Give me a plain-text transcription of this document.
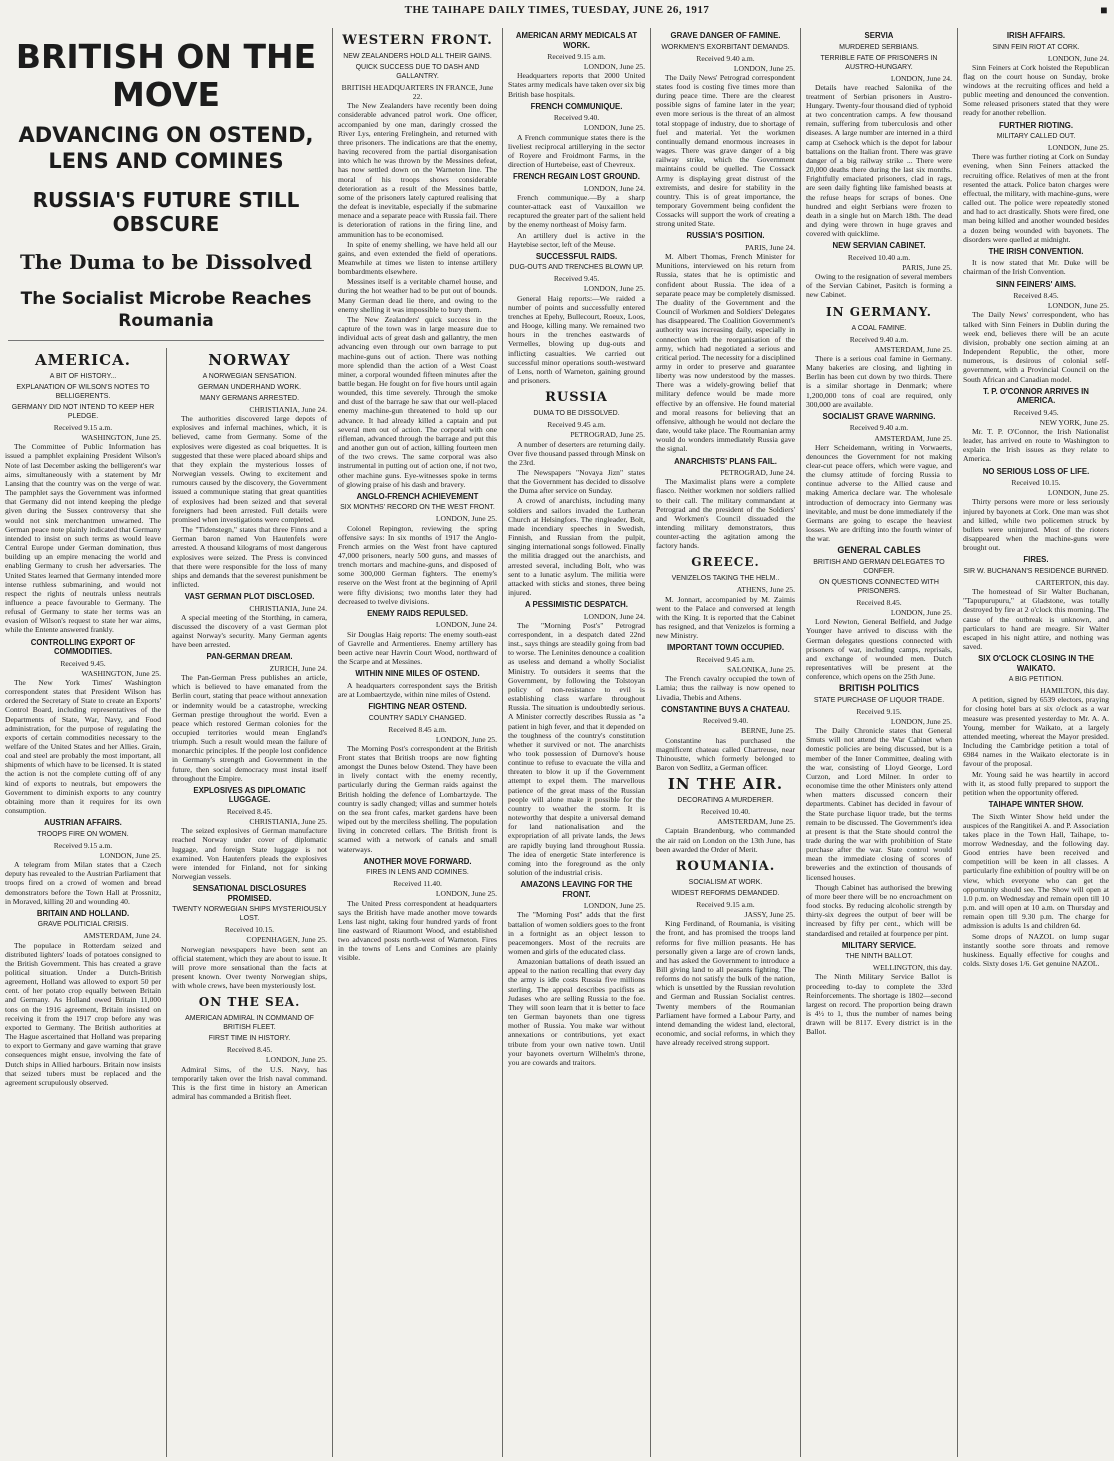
THE TAIHAPE DAILY TIMES, TUESDAY, JUNE 26, 1917	■
BRITISH ON THE MOVE
ADVANCING ON OSTEND, LENS AND COMINES
RUSSIA'S FUTURE STILL OBSCURE
The Duma to be Dissolved
The Socialist Microbe Reaches Roumania
AMERICA.
A BIT OF HISTORY...
EXPLANATION OF WILSON'S NOTES TO BELLIGERENTS.
GERMANY DID NOT INTEND TO KEEP HER PLEDGE.
Received 9.15 a.m.

WASHINGTON, June 25.

The Committee of Public Information has issued a pamphlet explaining President Wilson's Note of last December asking the belligerent's war aims, simultaneously with a statement by Mr Lansing that the country was on the verge of war. The pamphlet says the Government was informed that Germany did not intend keeping the pledge given during the Sussex controversy that she would not sink merchantmen unwarned. The German peace note plainly indicated that Germany intended to insist on such terms as would leave Central Europe under German domination, thus building up an empire menacing the world and enabling Germany to crush her adversaries. The United States learned that Germany intended more intense ruthless submarining, and would not respect the rights of neutrals unless neutrals influence a peace favourable to Germany. The refusal of Germany to state her terms was an evasion of Wilson's request to state her war aims, while the Entente answered frankly.

CONTROLLING EXPORT OF COMMODITIES.
Received 9.45.

WASHINGTON, June 25.

The New York Times' Washington correspondent states that President Wilson has ordered the Secretary of State to create an Exports' Control Board, including representatives of the Departments of State, War, Navy, and Food administration, for the purpose of regulating the exports of certain commodities necessary to the welfare of the United States and her Allies. Grain, coal and steel are probably the most important, all shipments of which have to be licensed. It is stated the action is not the complete cutting off of any kind of exports to neutrals, but empowers the Government to diminish exports to any country obtaining more than it requires for its own consumption.

AUSTRIAN AFFAIRS.
TROOPS FIRE ON WOMEN.
Received 9.15 a.m.

LONDON, June 25.

A telegram from Milan states that a Czech deputy has revealed to the Austrian Parliament that troops fired on a crowd of women and bread demonstrators before the Town Hall at Prossnitz, in Moraved, killing 20 and wounding 40.

BRITAIN AND HOLLAND.
GRAVE POLITICIAL CRISIS.

AMSTERDAM, June 24.

The populace in Rotterdam seized and distributed lighters' loads of potatoes consigned to the British Government. This has created a grave political situation. Under a Dutch-British agreement, Holland was allowed to export 50 per cent. of her potato crop equally between Britain and Germany. As Holland owed Britain 11,000 tons on the 1916 agreement, Britain insisted on receiving it from the 1917 crop before any was exported to Germany. The British authorities at The Hague ascertained that Holland was preparing to export to Germany and gave warning that grave consequences might ensue, involving the fate of Dutch ships in Allied harbours. Britain now insists that seized tubers must be replaced and the agreement scrupulously observed.

NORWAY
A NORWEGIAN SENSATION.
GERMAN UNDERHAND WORK.
MANY GERMANS ARRESTED.

CHRISTIANIA, June 24.

The authorities discovered large depots of explosives and infernal machines, which, it is believed, came from Germany. Some of the explosives were digested as coal briquettes. It is suggested that these were placed aboard ships and that they explain the mysterious losses of Norwegian vessels. Owing to excitement and rumours caused by the discovery, the Government issued a communique stating that great quantities of explosives had been seized and that several foreigners had been arrested. Full details were promised when investigations were completed.

The "Tidenstegn," states that three Finns and a German baron named Von Hautenfels were arrested. A thousand kilograms of most dangerous explosives were seized. The Press is convinced that there were responsible for the loss of many ships and demands that the severest punishment be inflicted.

VAST GERMAN PLOT DISCLOSED.

CHRISTIANIA, June 24.

A special meeting of the Storthing, in camera, discussed the discovery of a vast German plot against Norway's security. Many German agents have been arrested.

PAN-GERMAN DREAM.

ZURICH, June 24.

The Pan-German Press publishes an article, which is believed to have emanated from the Berlin court, stating that peace without annexation or indemnity would be a catastrophe, wrecking German prestige throughout the world. Even a peace which restored German colonies for the occupied territories would mean England's triumph. Such a result would mean the failure of monarchic principles. If the people lost confidence in Germany's strength and Government in the future, then social democracy must instal itself throughout the Empire.

EXPLOSIVES AS DIPLOMATIC LUGGAGE.
Received 8.45.

CHRISTIANIA, June 25.

The seized explosives of German manufacture reached Norway under cover of diplomatic luggage, and foreign State luggage is not examined. Von Hautenfers pleads the explosives were intended for Finland, not for sinking Norwegian vessels.

SENSATIONAL DISCLOSURES PROMISED.
TWENTY NORWEGIAN SHIPS MYSTERIOUSLY LOST.
Received 10.15.

COPENHAGEN, June 25.

Norwegian newspapers have been sent an official statement, which they are about to issue. It will prove more sensational than the facts at present known. Over twenty Norwegian ships, with whole crews, have been mysteriously lost.

ON THE SEA.
AMERICAN ADMIRAL IN COMMAND OF BRITISH FLEET.
FIRST TIME IN HISTORY.
Received 8.45.

LONDON, June 25.

Admiral Sims, of the U.S. Navy, has temporarily taken over the Irish naval command. This is the first time in history an American admiral has commanded a British fleet.

WESTERN FRONT.
NEW ZEALANDERS HOLD ALL THEIR GAINS.
QUICK SUCCESS DUE TO DASH AND GALLANTRY.

BRITISH HEADQUARTERS IN FRANCE, June 22.

The New Zealanders have recently been doing considerable advanced patrol work. One officer, accompanied by one man, daringly crossed the River Lys, entering Frelinghein, and returned with three prisoners. The indications are that the enemy, having recovered from the partial disorganisation into which he was thrown by the Messines defeat, has now settled down on the Warneton line. The moral of his troops shows considerable deterioration as a result of the Messines battle, some of the prisoners lately captured realising that the defeat is inevitable, especially if the submarine menace and a separate peace with Russia fail. There is deterioration of rations in the firing line, and ammunition has to be economised.

In spite of enemy shelling, we have held all our gains, and even extended the field of operations. Meanwhile at times we listen to intense artillery bombardments elsewhere.

Messines itself is a veritable charnel house, and during the hot weather had to be put out of bounds. Many German dead lie there, and owing to the enemy shelling it was impossible to bury them.

The New Zealanders' quick success in the capture of the town was in large measure due to individual acts of great dash and gallantry, the men advancing even through our own barrage to put machine-guns out of action. There was nothing more splendid than the action of a West Coast miner, a corporal wounded fifteen minutes after the battle began. He fought on for five hours until again wounded, this time severely. Through the smoke and dust of the barrage he saw that our well-placed enemy machine-gun threatened to hold up our advance. It had already killed a captain and put several men out of action. The corporal with one rifleman, advanced through the barrage and put this and another gun out of action, killing fourteen men of the two crews. The same corporal was also instrumental in putting out of action one, if not two, other machine guns. Eye-witnesses spoke in terms of glowing praise of his dash and bravery.

ANGLO-FRENCH ACHIEVEMENT
SIX MONTHS' RECORD ON THE WEST FRONT.

LONDON, June 25.

Colonel Repington, reviewing the spring offensive says: In six months of 1917 the Anglo-French armies on the West front have captured 47,000 prisoners, nearly 500 guns, and masses of trench mortars and machine-guns, and disposed of some 300,000 German fighters. The enemy's reserve on the West front at the beginning of April were fifty divisions; two months later they had decreased to twelve divisions.

ENEMY RAIDS REPULSED.

LONDON, June 24.

Sir Douglas Haig reports: The enemy south-east of Gavrelle and Armentieres. Enemy artillery has been active near Havrin Court Wood, northward of the Scarpe and at Messines.

WITHIN NINE MILES OF OSTEND.

A headquarters correspondent says the British are at Lombaertzyde, within nine miles of Ostend.

FIGHTING NEAR OSTEND.
COUNTRY SADLY CHANGED.
Received 8.45 a.m.

LONDON, June 25.

The Morning Post's correspondent at the British Front states that British troops are now fighting amongst the Dunes below Ostend. They have been in lively contact with the enemy recently, particularly during the German raids against the British holding the defence of Lombartzyde. The country is sadly changed; villas and summer hotels on the sea front cafes, market gardens have been wiped out by the merciless shelling. The population living in concreted cellars. The British front is scamed with a network of canals and small waterways.

ANOTHER MOVE FORWARD.
FIRES IN LENS AND COMINES.
Received 11.40.

LONDON, June 25.

The United Press correspondent at headquarters says the British have made another move towards Lens last night, taking four hundred yards of front line eastward of Riaumont Wood, and established two advanced posts north-west of Warneton. Fires in the towns of Lens and Comines are plainly visible.

AMERICAN ARMY MEDICALS AT WORK.
Received 9.15 a.m.

LONDON, June 25.

Headquarters reports that 2000 United States army medicals have taken over six big British base hospitals.

FRENCH COMMUNIQUE.
Received 9.40.

LONDON, June 25.

A French communique states there is the liveliest reciprocal artillerying in the sector of Royere and Froidmont Farms, in the direction of Hurtebeise, east of Chevreux.

FRENCH REGAIN LOST GROUND.

LONDON, June 24.

French communique.—By a sharp counter-attack east of Vauxaillon we recaptured the greater part of the salient held by the enemy northeast of Moisy farm.

An artillery duel is active in the Haytebise sector, left of the Meuse.

SUCCESSFUL RAIDS.
DUG-OUTS AND TRENCHES BLOWN UP.
Received 9.45.

LONDON, June 25.

General Haig reports:—We raided a number of points and successfully entered trenches at Epehy, Bullecourt, Roeux, Loos, and Hooge, killing many. We remained two hours in the trenches eastwards of Vermelles, blowing up dug-outs and inflicting casualties. We carried out successful minor operations south-westward of Lens, north of Warneton, gaining ground and prisoners.

RUSSIA
DUMA TO BE DISSOLVED.
Received 9.45 a.m.

PETROGRAD, June 25.

A number of deserters are returning daily. Over five thousand passed through Minsk on the 23rd.

The Newspapers "Novaya Jizn" states that the Government has decided to dissolve the Duma after service on Sunday.

A crowd of anarchists, including many soldiers and sailors invaded the Lutheran Church at Helsingfors. The ringleader, Bolt, made incendiary speeches in Swedish, Finnish, and Russian from the pulpit, singing international songs followed. Finally the militia dragged out the anarchists, and arrested several, including Bolt, who was sent to a lunatic asylum. The militia were attacked with sticks and stones, three being injured.

A PESSIMISTIC DESPATCH.

LONDON, June 24.

The "Morning Post's" Petrograd correspondent, in a despatch dated 22nd inst., says things are steadily going from bad to worse. The Leninites denounce a coalition as useless and demand a wholly Socialist Ministry. To outsiders it seems that the Government, by following the Tolstoyan policy of non-resistance to evil is establishing class warfare throughout Russia. The situation is undoubtedly serious. A Minister correctly describes Russia as "a patient in high fever, and that it depended on the toughness of the country's constitution whether it survived or not. The anarchists who took possession of Durnove's house continue to refuse to evacuate the villa and threaten to blow it up if the Government attempt to expel them. The marvellous patience of the great mass of the Russian people will alone make it possible for the country to weather the storm. It is noteworthy that despite a universal demand for land nationalisation and the expropriation of all private lands, the Jews are rapidly buying land throughout Russia. The idea of energetic State interference is coming into the foreground as the only solution of the industrial crisis.

AMAZONS LEAVING FOR THE FRONT.

LONDON, June 25.

The "Morning Post" adds that the first battalion of women soldiers goes to the front in a fortnight as an object lesson to peacemongers. Most of the recruits are women and girls of the educated class.

Amazonian battalions of death issued an appeal to the nation recalling that every day the army is idle costs Russia five millions sterling. The appeal describes pacifists as Judases who are selling Russia to the foe. They will soon learn that it is better to face ten German bayonets than one tigress mother of Russia. You make war without annexations or contributions, yet exact tribute from your own native town. Until your bayonets overturn Wilhelm's throne, you are cowards and traitors.

GRAVE DANGER OF FAMINE.
WORKMEN'S EXORBITANT DEMANDS.
Received 9.40 a.m.

LONDON, June 25.

The Daily News' Petrograd correspondent states food is costing five times more than during peace time. There are the clearest possible signs of famine later in the year; even more serious is the threat of an almost total stoppage of industry, due to shortage of fuel and material. Yet the workmen continually demand enormous increases in wages. There was grave danger of a big railway strike, which the Government maintains could be quelled. The Cossack Army is displaying great distrust of the extremists, and desire for stability in the country. This is of great importance, the temporary Government being confident the Cossacks will support the work of creating a strong united State.

RUSSIA'S POSITION.

PARIS, June 24.

M. Albert Thomas, French Minister for Munitions, interviewed on his return from Russia, states that he is optimistic and confident about Russia. The idea of a separate peace may be completely dismissed. The duality of the Government and the Council of Workmen and Soldiers' Delegates has disappeared. The Coalition Government's authority was increasing daily, especially in connection with the reorganisation of the army, which had negotiated a serious and critical period. The necessity for a disciplined army in order to preserve and guarantee liberty was now understood by the masses. There was a widely-growing belief that military defence would be made more effective by an offensive. He found material and moral reasons for believing that an offensive, although he would not declare the date, would take place. The Roumanian army would do wonders immediately Russia gave the signal.

ANARCHISTS' PLANS FAIL.

PETROGRAD, June 24.

The Maximalist plans were a complete fiasco. Neither workmen nor soldiers rallied to their call. The military commandant at Petrograd and the president of the Soldiers' and Workmen's Council dissuaded the intending military demonstrators, thus counter-acting the agitation among the factory hands.

GREECE.
VENIZELOS TAKING THE HELM..

ATHENS, June 25.

M. Jonnart, accompanied by M. Zaimis went to the Palace and conversed at length with the King. It is reported that the Cabinet has resigned, and that Venizelos is forming a new Ministry.

IMPORTANT TOWN OCCUPIED.
Received 9.45 a.m.

SALONIKA, June 25.

The French cavalry occupied the town of Lamia; thus the railway is now opened to Livadia, Thebis and Athens.

CONSTANTINE BUYS A CHATEAU.
Received 9.40.

BERNE, June 25.

Constantine has purchased the magnificent chateau called Chartreuse, near Thinoustte, which formerly belonged to Baron von Sedlitz, a German officer.

IN THE AIR.
DECORATING A MURDERER.
Received 10.40.

AMSTERDAM, June 25.

Captain Brandenburg, who commanded the air raid on London on the 13th June, has been awarded the Order of Merit.

ROUMANIA.
SOCIALISM AT WORK.
WIDEST REFORMS DEMANDED.
Received 9.15 a.m.

JASSY, June 25.

King Ferdinand, of Roumania, is visiting the front, and has promised the troops land reforms for five million peasants. He has personally given a large are of crown lands, and has asked the Government to introduce a Bill giving land to all peasants fighting. The reforms do not satisfy the bulk of the nation, which is unsettled by the Russian revolution and German and Russian Socialist centres. Twenty members of the Roumanian Parliament have formed a Labour Party, and intend demanding the widest land, electoral, economic, and social reforms, in which they have already received strong support.

SERVIA
MURDERED SERBIANS.
TERRIBLE FATE OF PRISONERS IN AUSTRO-HUNGARY.

LONDON, June 24.

Details have reached Salonika of the treatment of Serbian prisoners in Austro-Hungary. Twenty-four thousand died of typhoid at two concentration camps. A few thousand remain, suffering from tuberculosis and other diseases. A large number are interned in a third camp at Csehock which is the depot for labour battalions on the Italian front. There was grave danger of a big railway strike ... There were 20,000 deaths there during the last six months. Frightfully emaciated prisoners, clad in rags, are seen daily fighting like famished beasts at the refuse heaps for scraps of bones. One hundred and eight Serbians were frozen to death in a single hut on March 18th. The dead and dying were thrown in huge graves and covered with quicklime.

NEW SERVIAN CABINET.
Received 10.40 a.m.

PARIS, June 25.

Owing to the resignation of several members of the Servian Cabinet, Pasitch is forming a new Cabinet.

IN GERMANY.
A COAL FAMINE.
Received 9.40 a.m.

AMSTERDAM, June 25.

There is a serious coal famine in Germany. Many bakeries are closing, and lighting in Berlin has been cut down by two thirds. There is a similar shortage in Denmark; where 1,200,000 tons of coal are required, only 300,000 are available.

SOCIALIST GRAVE WARNING.
Received 9.40 a.m.

AMSTERDAM, June 25.

Herr Scheidemann, writing in Vorwaerts, denounces the Government for not making clear-cut peace offers, which were vague, and the clumsy attitude of forcing Russia to continue adverse to the Allied cause and making America declare war. The wholesale introduction of democracy into Germany was inevitable, and must be done immediately if the Germans are going to escape the heaviest losses. We are drifting into the fourth winter of the war.

GENERAL CABLES
BRITISH AND GERMAN DELEGATES TO CONFER.
ON QUESTIONS CONNECTED WITH PRISONERS.
Received 8.45.

LONDON, June 25.

Lord Newton, General Belfield, and Judge Younger have arrived to discuss with the German delegates questions connected with prisoners of war, including camps, reprisals, and exchange of wounded men. Dutch representatives will be present at the conference, which opens on the 25th June.

BRITISH POLITICS
STATE PURCHASE OF LIQUOR TRADE.
Received 9.15.

LONDON, June 25.

The Daily Chronicle states that General Smuts will not attend the War Cabinet when domestic policies are being discussed, but is a member of the Inner Committee, dealing with the war, consisting of Lloyd George, Lord Curzon, and Lord Milner. In order to economise time the other Ministers only attend when matters discussed concern their departments. Cabinet has decided in favour of the State purchase liquor trade, but the terms remain to be discussed. The Government's idea at present is that the State should control the trade during the war with prohibition of State purchase after the war. State control would mean the immediate closing of scores of breweries and the extinction of thousands of licensed houses.

Though Cabinet has authorised the brewing of more beer there will be no encroachment on food stocks. By reducing alcoholic strength by thirty-six degrees the output of beer will be increased by fifty per cent., which will be standardised and retailed at fourpence per pint.

MILITARY SERVICE.
THE NINTH BALLOT.

WELLINGTON, this day.

The Ninth Military Service Ballot is proceeding to-day to complete the 33rd Reinforcements. The shortage is 1802—second largest on record. The proportion being drawn is 4½ to 1, thus the number of names being drawn will be 8117. Every district is in the Ballot.

IRISH AFFAIRS.
SINN FEIN RIOT AT CORK.

LONDON, June 24.

Sinn Feiners at Cork hoisted the Republican flag on the court house on Sunday, broke windows at the recruiting offices and held a public meeting and denounced the convention. Some released prisoners stated that they were ready for another rebellion.

FURTHER RIOTING.
MILITARY CALLED OUT.

LONDON, June 25.

There was further rioting at Cork on Sunday evening, when Sinn Feiners attacked the recruiting office. Relatives of men at the front resented the attack. Police baton charges were effectual, the military, with machine-guns, were called out. The police were repeatedly stoned and had to act drastically. Shots were fired, one man being killed and another wounded besides a dozen being wounded with bayonets. The disorders were quelled at midnight.

THE IRISH CONVENTION.

It is now stated that Mr. Duke will be chairman of the Irish Convention.

SINN FEINERS' AIMS.
Received 8.45.

LONDON, June 25.

The Daily News' correspondent, who has talked with Sinn Feiners in Dublin during the week end, believes there will be an acute division, probably one section aiming at an Independent Republic, the other, more numerous, is desirous of colonial self-government, with a Provincial Council on the South African and Canadian model.

T. P. O'CONNOR ARRIVES IN AMERICA.
Received 9.45.

NEW YORK, June 25.

Mr. T. P. O'Connor, the Irish Nationalist leader, has arrived en route to Washington to explain the Irish issues as they relate to America.

NO SERIOUS LOSS OF LIFE.
Received 10.15.

LONDON, June 25.

Thirty persons were more or less seriously injured by bayonets at Cork. One man was shot and killed, while two policemen struck by bullets were uninjured. Most of the rioters disappeared when the machine-guns were brought out.

FIRES.
SIR W. BUCHANAN'S RESIDENCE BURNED.

CARTERTON, this day.

The homestead of Sir Walter Buchanan, "Tapupurupuru," at Gladstone, was totally destroyed by fire at 2 o'clock this morning. The cause of the outbreak is unknown, and particulars to hand are meagre. Sir Walter escaped in his night attire, and nothing was saved.

SIX O'CLOCK CLOSING IN THE WAIKATO.
A BIG PETITION.

HAMILTON, this day.

A petition, signed by 6539 electors, praying for closing hotel bars at six o'clock as a war measure was presented yesterday to Mr. A. A. Young, member for Waikato, at a largely attended meeting, whereat the Mayor presided. Including the Cambridge petition a total of 6984 names in the Waikato electorate is in favour of the proposal.

Mr. Young said he was heartily in accord with it, as stood fully prepared to support the petition when the opportunity offered.

TAIHAPE WINTER SHOW.

The Sixth Winter Show held under the auspices of the Rangitikei A. and P. Association takes place in the Town Hall, Taihape, to-morrow Wednesday, and the following day. Good entries have been received and competition will be keen in all classes. A particularly fine exhibition of poultry will be on view, which everyone who can get the opportunity should see. The Show will open at 1.0 p.m. on Wednesday and remain open till 10 p.m. and will open at 10 a.m. on Thursday and remain open till 9.30 p.m. The charge for admission is adults 1s and children 6d.

Some drops of NAZOL on lump sugar instantly soothe sore throats and remove huskiness. Equally effective for coughs and colds. Sixty doses 1/6. Get genuine NAZOL.
